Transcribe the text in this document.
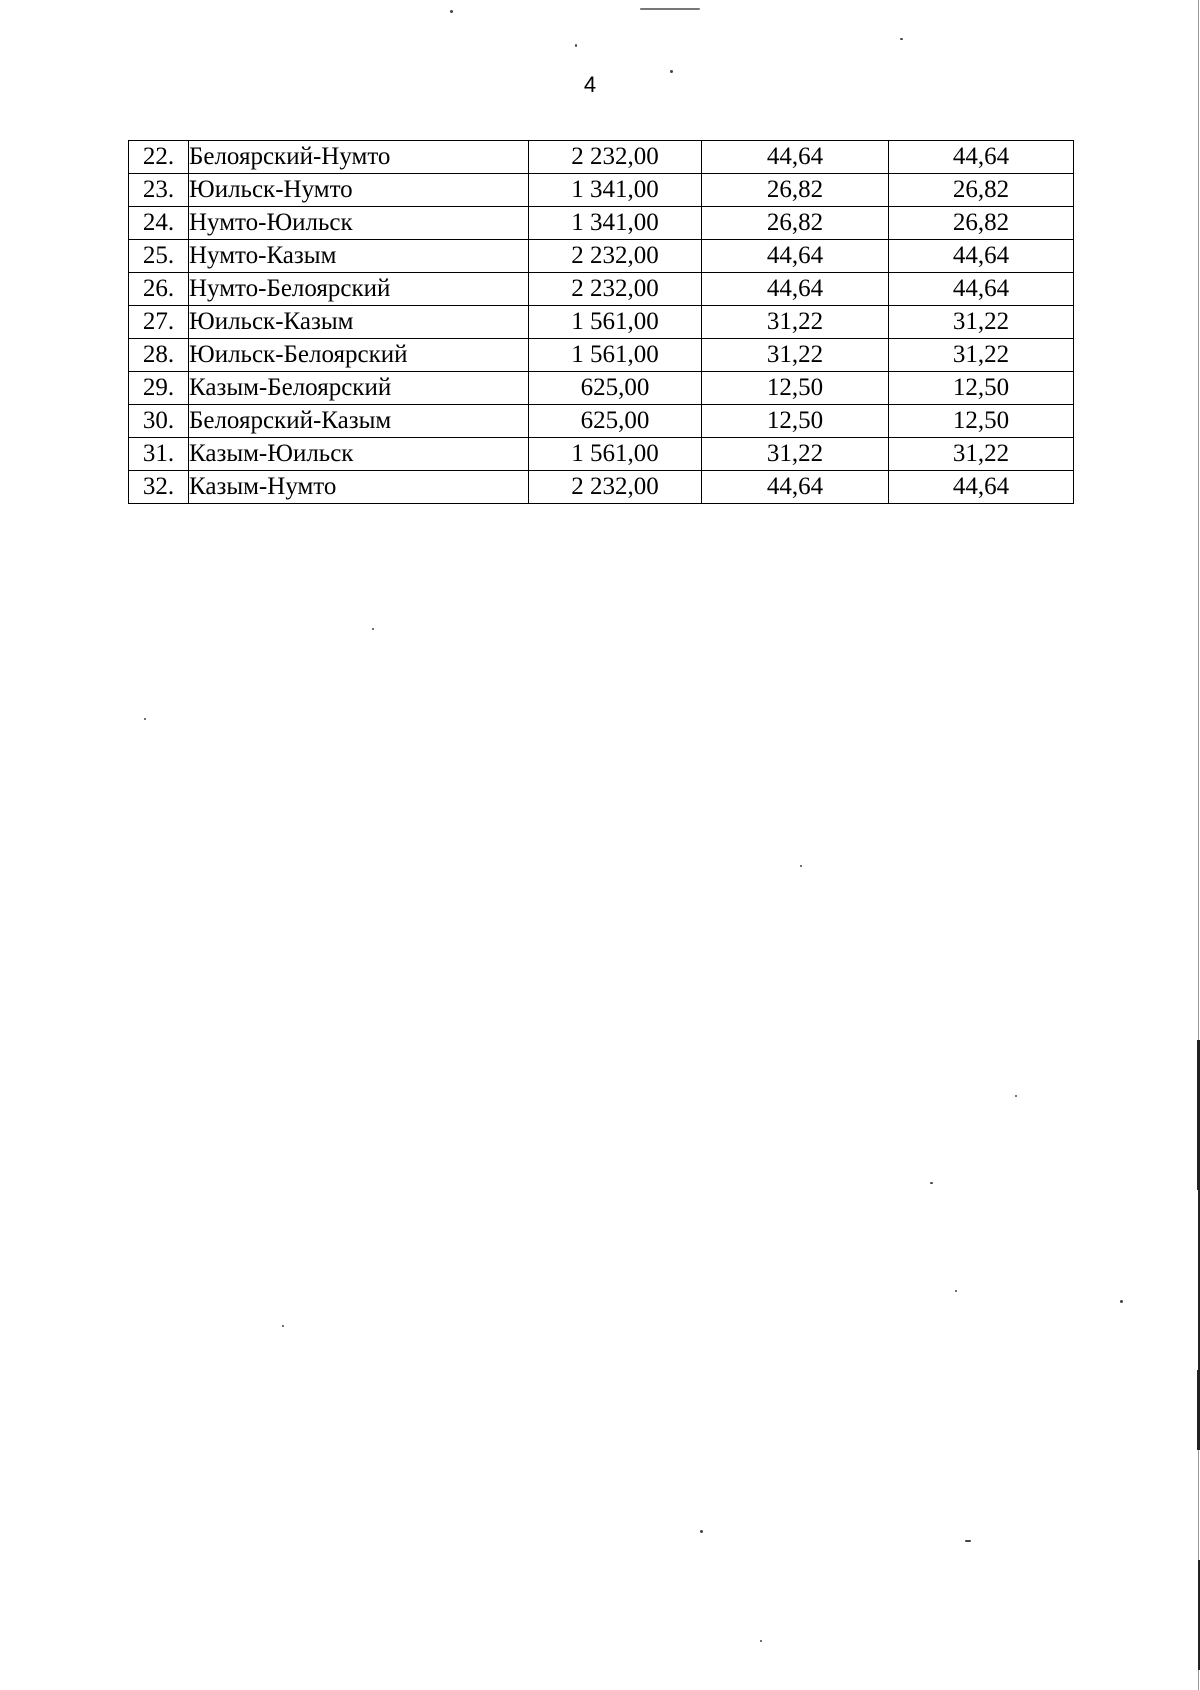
4
22.	Белоярский-Нумто	2 232,00	44,64	44,64
23.	Юильск-Нумто	1 341,00	26,82	26,82
24.	Нумто-Юильск	1 341,00	26,82	26,82
25.	Нумто-Казым	2 232,00	44,64	44,64
26.	Нумто-Белоярский	2 232,00	44,64	44,64
27.	Юильск-Казым	1 561,00	31,22	31,22
28.	Юильск-Белоярский	1 561,00	31,22	31,22
29.	Казым-Белоярский	625,00	12,50	12,50
30.	Белоярский-Казым	625,00	12,50	12,50
31.	Казым-Юильск	1 561,00	31,22	31,22
32.	Казым-Нумто	2 232,00	44,64	44,64
